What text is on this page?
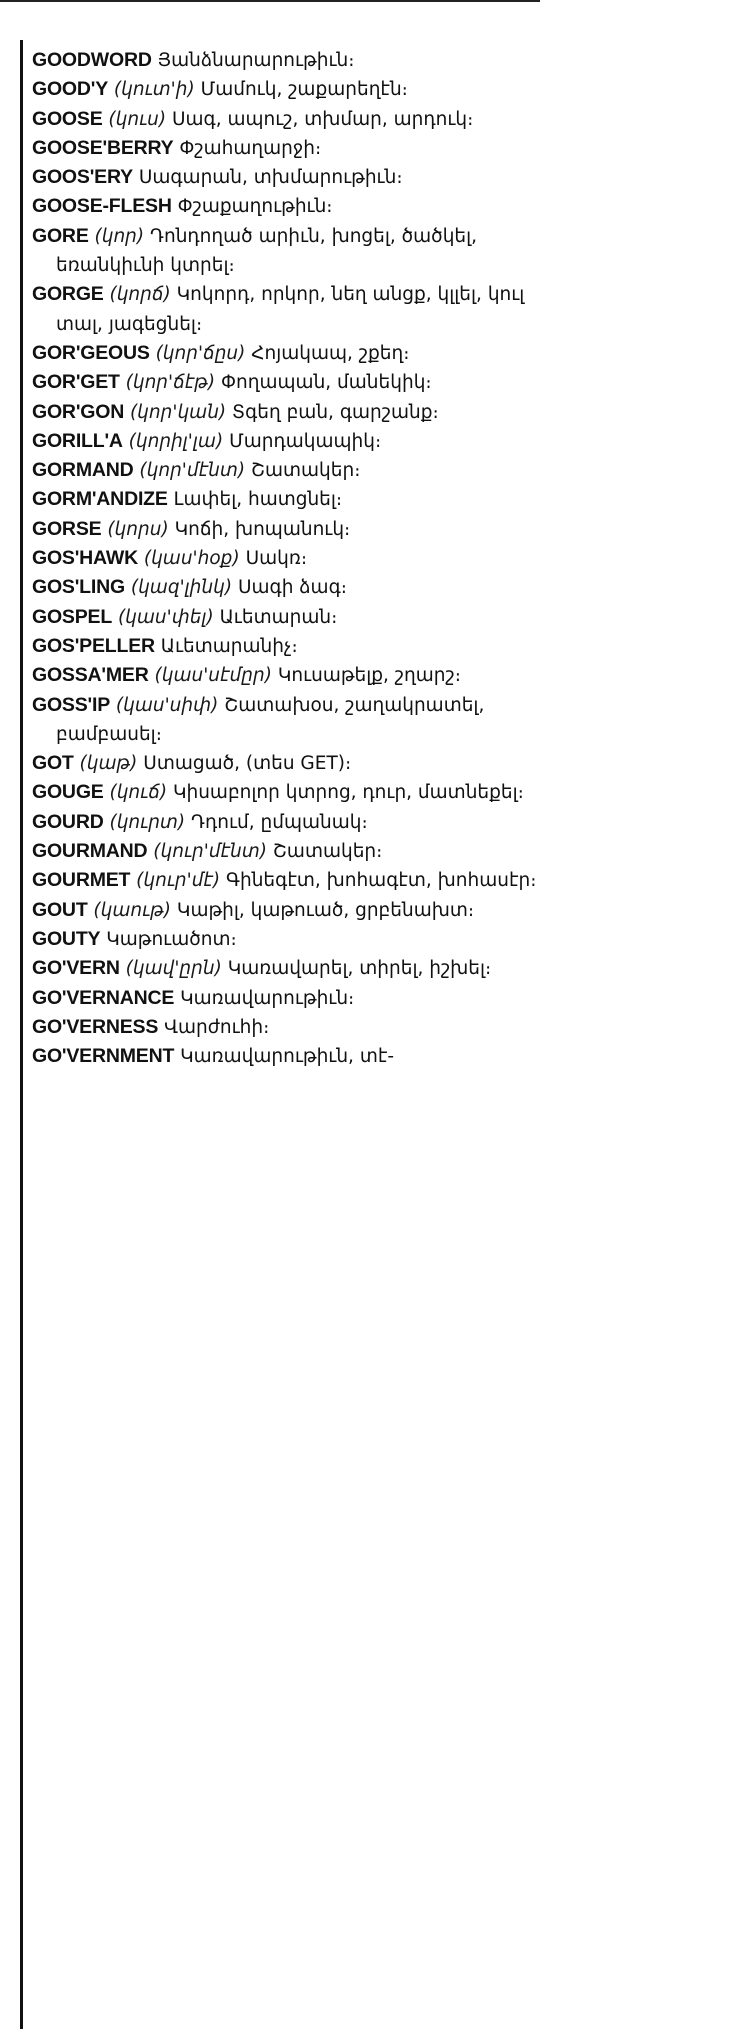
GOODWORD Յանձնարարութիւն։
GOOD'Y (կուտ'ի) Մամուկ, շաքարեղէն։
GOOSE (կուս) Սագ, ապուշ, տխմար, արդուկ։
GOOSE'BERRY Փշահաղարջի։
GOOS'ERY Սագարան, տխմարութիւն։
GOOSE-FLESH Փշաքաղութիւն։
GORE (կոր) Դոնդողած արիւն, խոցել, ծածկել, եռանկիւնի կտրել։
GORGE (կորճ) Կոկորդ, որկոր, նեղ անցք, կլլել, կուլ տալ, յագեցնել։
GOR'GEOUS (կոր'ճըս) Հոյակապ, շքեղ։
GOR'GET (կոր'ճէթ) Փողապան, մանեկիկ։
GOR'GON (կոր'կան) Տգեղ բան, գարշանք։
GORILL'A (կորիլ'լա) Մարդակապիկ։
GORMAND (կոր'մէնտ) Շատակեր։
GORM'ANDIZE Լափել, հատցնել։
GORSE (կորս) Կոճի, խոպանուկ։
GOS'HAWK (կաս'հօք) Սակռ։
GOS'LING (կազ'լինկ) Սագի ձագ։
GOSPEL (կաս'փել) Աւետարան։
GOS'PELLER Աւետարանիչ։
GOSSA'MER (կաս'սէմըր) Կուսաթելք, շղարշ։
GOSS'IP (կաս'սիփ) Շատախօս, շաղակրատել, բամբասել։
GOT (կաթ) Ստացած, (տես GET)։
GOUGE (կուճ) Կիսաբոլոր կտրոց, դուր, մատնեքել։
GOURD (կուրտ) Դդում, ըմպանակ։
GOURMAND (կուր'մէնտ) Շատակեր։
GOURMET (կուր'մէ) Գինեգէտ, խոհագէտ, խոհասէր։
GOUT (կաութ) Կաթիլ, կաթուած, ցրբենախտ։
GOUTY Կաթուածոտ։
GO'VERN (կավ'ըրն) Կառավարել, տիրել, իշխել։
GO'VERNANCE Կառավարութիւն։
GO'VERNESS Վարժուհի։
GO'VERNMENT Կառավարութիւն, տէ-
